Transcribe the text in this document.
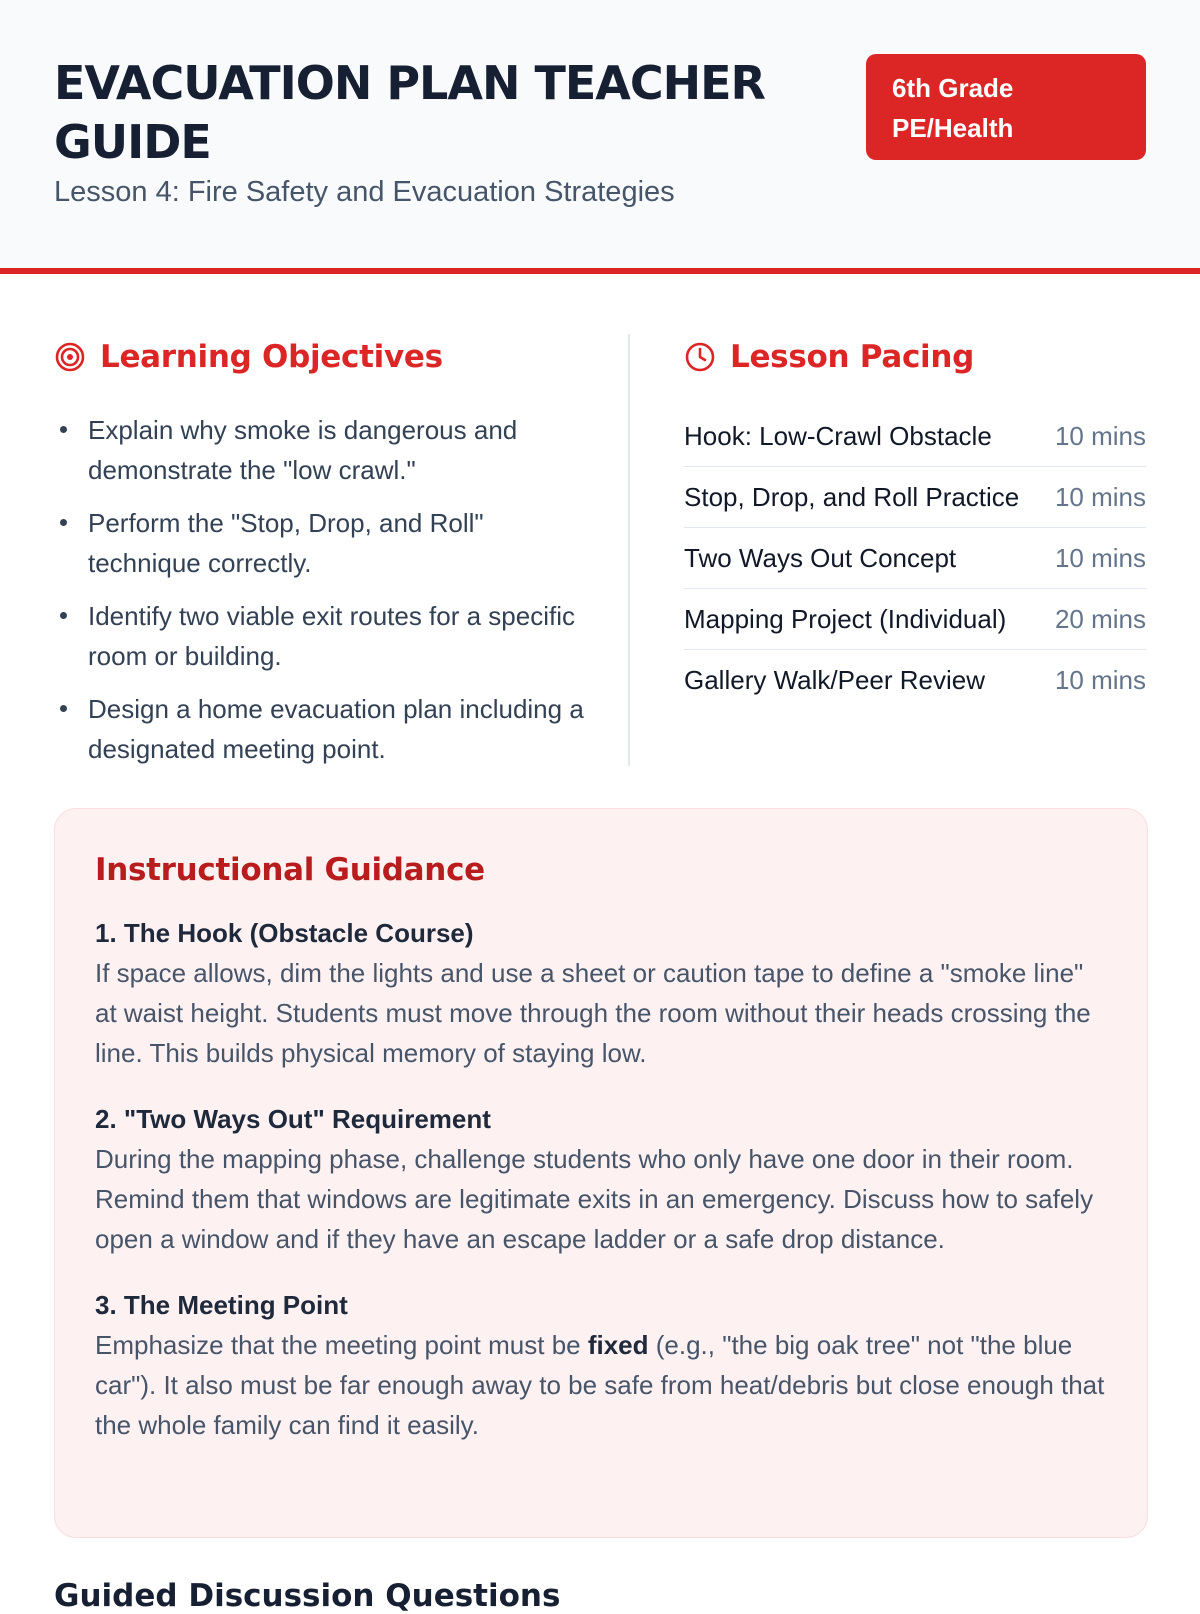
EVACUATION PLAN TEACHER GUIDE
Lesson 4: Fire Safety and Evacuation Strategies
6th Grade PE/Health
Learning Objectives
Explain why smoke is dangerous and demonstrate the "low crawl."
Perform the "Stop, Drop, and Roll" technique correctly.
Identify two viable exit routes for a specific room or building.
Design a home evacuation plan including a designated meeting point.
Lesson Pacing
Hook: Low-Crawl Obstacle 10 mins
Stop, Drop, and Roll Practice 10 mins
Two Ways Out Concept	10 mins
Mapping Project (Individual) 20 mins
Gallery Walk/Peer Review	10 mins
Instructional Guidance
1. The Hook (Obstacle Course)
If space allows, dim the lights and use a sheet or caution tape to define a "smoke line" at waist height. Students must move through the room without their heads crossing the line. This builds physical memory of staying low.
2. "Two Ways Out" Requirement
During the mapping phase, challenge students who only have one door in their room. Remind them that windows are legitimate exits in an emergency. Discuss how to safely open a window and if they have an escape ladder or a safe drop distance.
3. The Meeting Point
Emphasize that the meeting point must be fixed (e.g., "the big oak tree" not "the blue car"). It also must be far enough away to be safe from heat/debris but close enough that the whole family can find it easily.
Guided Discussion Questions
